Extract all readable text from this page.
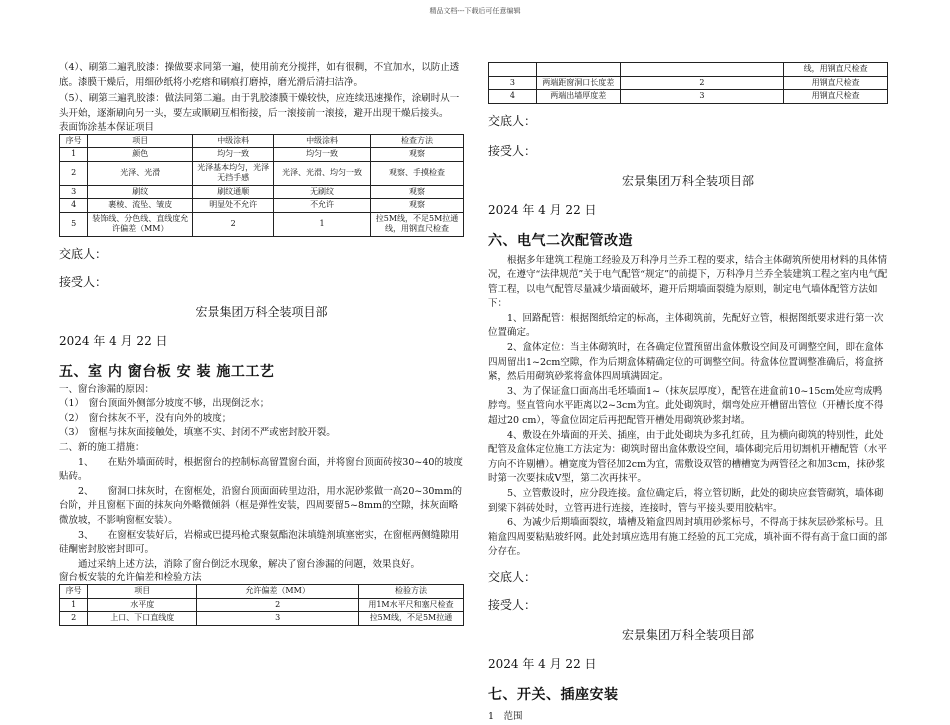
精品文档---下载后可任意编辑

（4）、刷第二遍乳胶漆：操做要求同第一遍，使用前充分搅拌，如有很稠，不宜加水，以防止透

底。漆膜干燥后，用细砂纸将小疙瘩和刷痕打磨掉，磨光滑后清扫洁净。

（5）、刷第三遍乳胶漆：做法同第二遍。由于乳胶漆膜干燥较快，应连续迅速操作，涂刷时从一

头开始，逐渐刷向另一头，要左或顺刷互相衔接，后一滚接前一滚接，避开出现干燥后接头。

表面饰涂基本保证项目

序号	项目	中级涂料	中级涂料	检查方法
1	颜色	均匀一致	均匀一致	观察
2	光泽、光滑	光泽基本均匀，光泽无挡手感	光泽、光滑、均匀一致	观察、手摸检查
3	刷纹	刷纹通顺	无刷纹	观察
4	裹棱、流坠、皱皮	明显处不允许	不允许	观察
5	装饰线、分色线、直线度允许偏差（MM）	2	1	拉5M线，不足5M拉通线，用钢直尺检查

交底人：

接受人：

宏景集团万科全装项目部

2024 年 4 月 22 日

五、室 内 窗台板 安 装 施工工艺

一、窗台渗漏的原因：

（1）　窗台顶面外侧部分坡度不够，出现倒泛水；

（2）　窗台抹灰不平，没有向外的坡度；

（3）　窗框与抹灰面接触处，填塞不实、封闭不严或密封胶开裂。

二、新的施工措施：

1、　　在贴外墙面砖时，根据窗台的控制标高留置窗台面，并将窗台顶面砖按30~40的坡度贴砖。

2、　　窗洞口抹灰时，在窗框处，沿窗台顶面面砖里边沿，用水泥砂浆做一高20~30mm的台阶，并且窗框下面的抹灰向外略微倾斜（框是弹性安装，四周要留5~8mm的空隙，抹灰面略微放坡，不影响窗框安装）。

3、　　在窗框安装好后，岩棉或巴提玛枪式聚氨酯泡沫填缝剂填塞密实，在窗框两侧缝隙用硅酮密封胶密封即可。

通过采纳上述方法，消除了窗台倒泛水现象，解决了窗台渗漏的问题，效果良好。

窗台板安装的允许偏差和检验方法

序号	项目	允许偏差（MM）	检验方法
1	水平度	2	用1M水平尺和塞尺检查
2	上口、下口直线度	3	拉5M线，不足5M拉通
			线，用钢直尺检查
3	两端距窗洞口长度差	2	用钢直尺检查
4	两端出墙厚度差	3	用钢直尺检查

交底人：

接受人：

宏景集团万科全装项目部

2024 年 4 月 22 日

六、电气二次配管改造

根据多年建筑工程施工经验及万科净月兰乔工程的要求，结合主体砌筑所使用材料的具体情况，在遵守“法律规范”关于电气配管“规定”的前提下，万科净月兰乔全装建筑工程之室内电气配管工程，以电气配管尽量减少墙面破坏，避开后期墙面裂缝为原则，制定电气墙体配管方法如下：

1、回路配管：根据图纸给定的标高，主体砌筑前，先配好立管，根据图纸要求进行第一次位置确定。

2、盒体定位：当主体砌筑时，在各确定位置预留出盒体敷设空间及可调整空间，即在盒体四周留出1~2cm空隙，作为后期盒体精确定位的可调整空间。待盒体位置调整准确后，将盒挤紧，然后用砌筑砂浆将盒体四周填满固定。

3、为了保证盒口面高出毛坯墙面1~（抹灰层厚度），配管在进盒前10~15cm处应弯成鸭脖弯。竖直管向水平距离以2~3cm为宜。此处砌筑时，烟弯处应开槽留出管位（开槽长度不得超过20 cm），等盒位固定后再把配管开槽处用砌筑砂浆封堵。

4、敷设在外墙面的开关、插座，由于此处砌块为多孔红砖，且为横向砌筑的特别性，此处配管及盒体定位施工方法定为：砌筑时留出盒体敷设空间，墙体砌完后用切割机开槽配管（水平方向不许剔槽）。槽宽度为管径加2cm为宜，需敷设双管的槽槽宽为两管径之和加3cm，抹砂浆时第一次要抹成V型，第二次再抹平。

5、立管敷设时，应分段连接。盒位确定后，将立管切断，此处的砌块应套管砌筑，墙体砌到梁下斜砖处时，立管再进行连接，连接时，管与平接头要用胶粘牢。

6、为减少后期墙面裂纹，墙槽及箱盒四周封填用砂浆标号，不得高于抹灰层砂浆标号。且箱盒四周要粘贴玻纤网。此处封填应选用有施工经验的瓦工完成，填补面不得有高于盒口面的部分存在。

交底人：

接受人：

宏景集团万科全装项目部

2024 年 4 月 22 日

七、开关、插座安装

1　范围
